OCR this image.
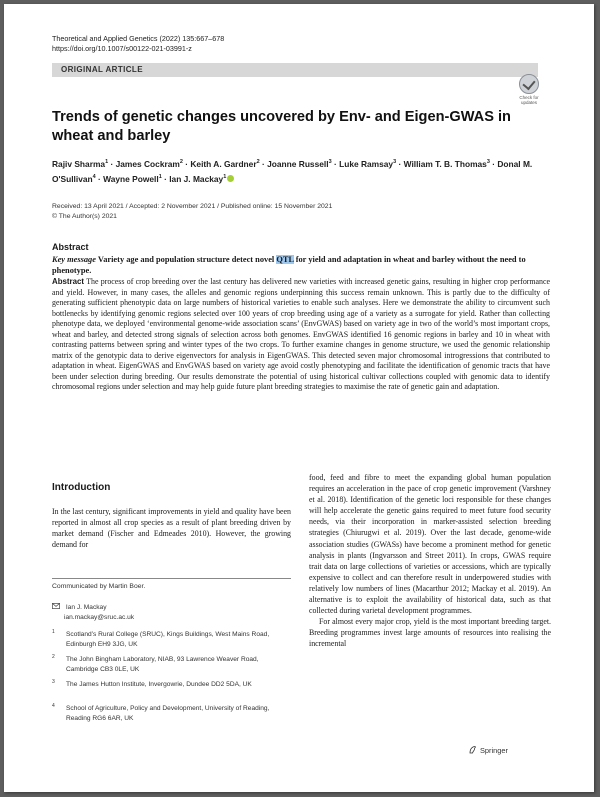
Theoretical and Applied Genetics (2022) 135:667–678
https://doi.org/10.1007/s00122-021-03991-z
ORIGINAL ARTICLE
Check for
updates
Trends of genetic changes uncovered by Env- and Eigen-GWAS in wheat and barley
Rajiv Sharma$^1$ · James Cockram$^2$ · Keith A. Gardner$^2$ · Joanne Russell$^3$ · Luke Ramsay$^3$ · William T. B. Thomas$^3$ · Donal M. O'Sullivan$^4$ · Wayne Powell$^1$ · Ian J. Mackay$^1$
Received: 13 April 2021 / Accepted: 2 November 2021 / Published online: 15 November 2021
© The Author(s) 2021
Abstract
Key message Variety age and population structure detect novel QTL for yield and adaptation in wheat and barley without the need to phenotype.
Abstract The process of crop breeding over the last century has delivered new varieties with increased genetic gains, resulting in higher crop performance and yield. However, in many cases, the alleles and genomic regions underpinning this success remain unknown. This is partly due to the difficulty of generating sufficient phenotypic data on large numbers of historical varieties to enable such analyses. Here we demonstrate the ability to circumvent such bottlenecks by identifying genomic regions selected over 100 years of crop breeding using age of a variety as a surrogate for yield. Rather than collecting phenotype data, we deployed ‘environmental genome-wide association scans’ (EnvGWAS) based on variety age in two of the world’s most important crops, wheat and barley, and detected strong signals of selection across both genomes. EnvGWAS identified 16 genomic regions in barley and 10 in wheat with contrasting patterns between spring and winter types of the two crops. To further examine changes in genome structure, we used the genomic relationship matrix of the genotypic data to derive eigenvectors for analysis in EigenGWAS. This detected seven major chromosomal introgressions that contributed to adaptation in wheat. EigenGWAS and EnvGWAS based on variety age avoid costly phenotyping and facilitate the identification of genomic tracts that have been under selection during breeding. Our results demonstrate the potential of using historical cultivar collections coupled with genomic data to identify chromosomal regions under selection and may help guide future plant breeding strategies to maximise the rate of genetic gain and adaptation.
Introduction
In the last century, significant improvements in yield and quality have been reported in almost all crop species as a result of plant breeding driven by market demand (Fischer and Edmeades 2010). However, the growing demand for

food, feed and fibre to meet the expanding global human population requires an acceleration in the pace of crop genetic improvement (Varshney et al. 2018). Identification of the genetic loci responsible for these changes will help accelerate the genetic gains required to meet future food security needs, via their incorporation in marker-assisted selection breeding strategies (Chiurugwi et al. 2019). Over the last decade, genome-wide association studies (GWASs) have become a prominent method for genetic analysis in plants (Ingvarsson and Street 2011). In crops, GWAS require trait data on large collections of varieties or accessions, which are typically expensive to collect and can therefore result in underpowered studies with relatively low numbers of lines (Macarthur 2012; Mackay et al. 2019). An alternative is to exploit the availability of historical data, such as that collected during varietal development programmes.

For almost every major crop, yield is the most important breeding target. Breeding programmes invest large amounts of resources into realising the incremental

Communicated by Martin Boer.
Ian J. Mackay
ian.mackay@sruc.ac.uk
1 Scotland’s Rural College (SRUC), Kings Buildings, West Mains Road, Edinburgh EH9 3JG, UK
2 The John Bingham Laboratory, NIAB, 93 Lawrence Weaver Road, Cambridge CB3 0LE, UK
3 The James Hutton Institute, Invergowrie, Dundee DD2 5DA, UK
4 School of Agriculture, Policy and Development, University of Reading, Reading RG6 6AR, UK
Springer
